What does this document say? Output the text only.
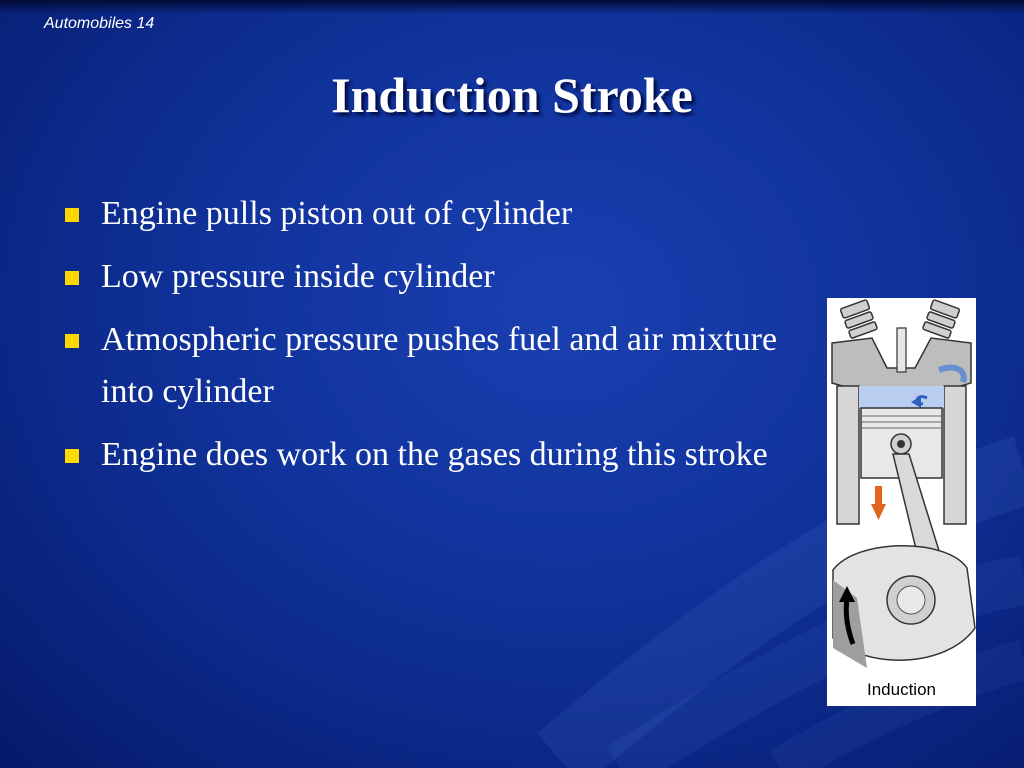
Automobiles 14
Induction Stroke
Engine pulls piston out of cylinder
Low pressure inside cylinder
Atmospheric pressure pushes fuel and air mixture into cylinder
Engine does work on the gases during this stroke
Induction
